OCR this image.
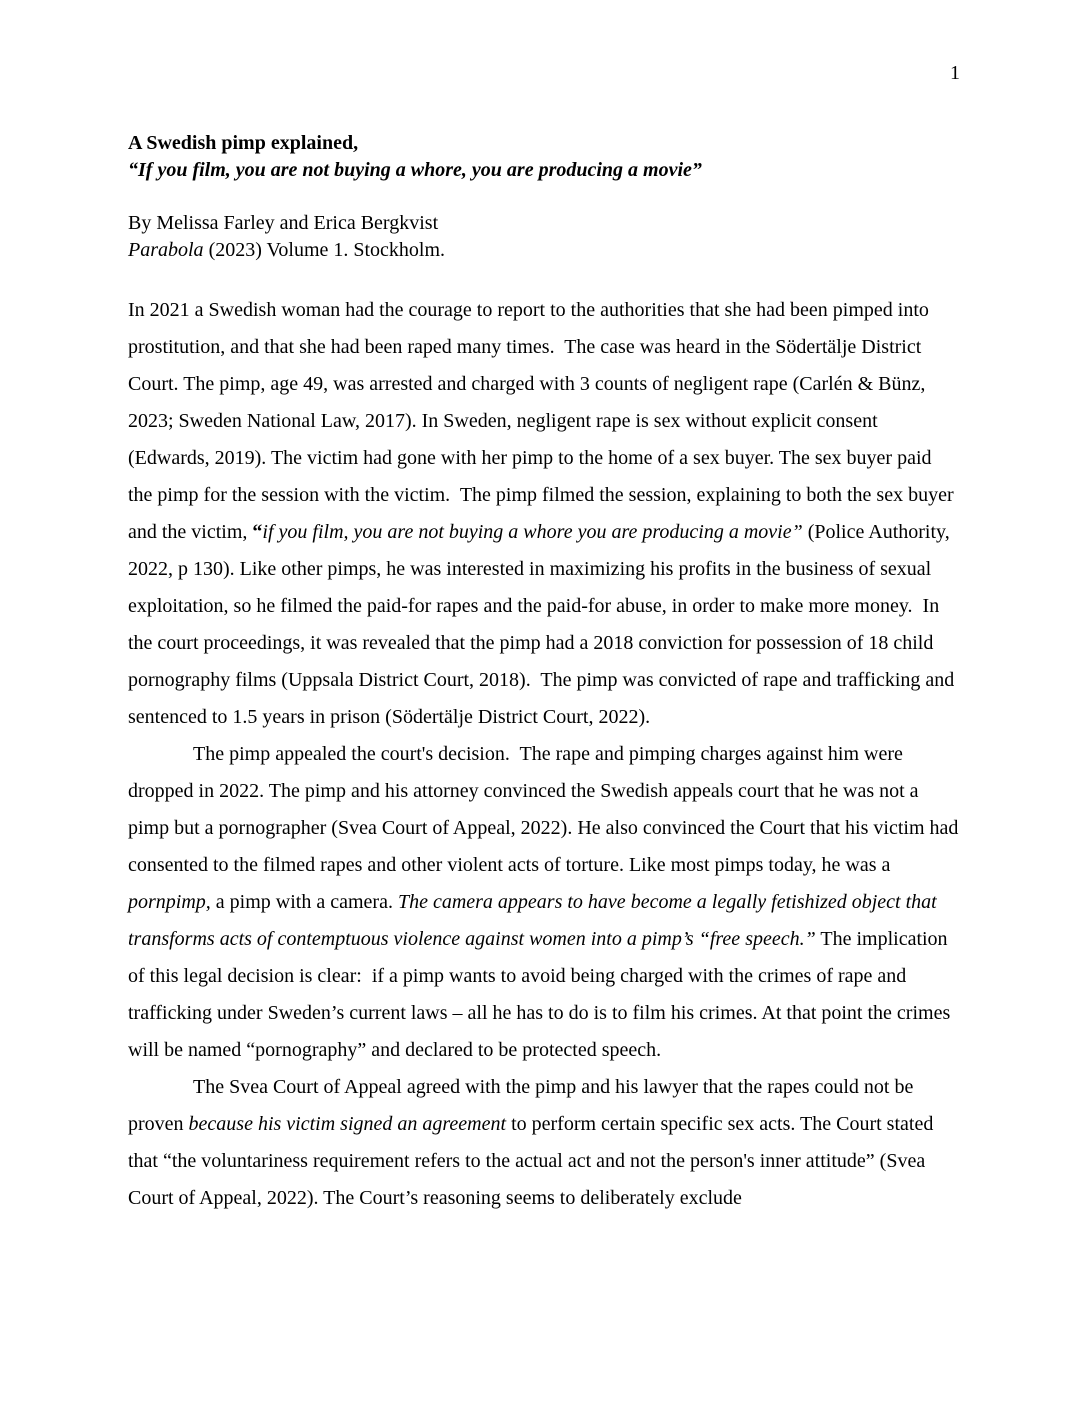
1
A Swedish pimp explained,
“If you film, you are not buying a whore, you are producing a movie”
By Melissa Farley and Erica Bergkvist
Parabola (2023) Volume 1. Stockholm.

In 2021 a Swedish woman had the courage to report to the authorities that she had been pimped into prostitution, and that she had been raped many times.  The case was heard in the Södertälje District Court. The pimp, age 49, was arrested and charged with 3 counts of negligent rape (Carlén & Bünz, 2023; Sweden National Law, 2017). In Sweden, negligent rape is sex without explicit consent (Edwards, 2019). The victim had gone with her pimp to the home of a sex buyer. The sex buyer paid the pimp for the session with the victim.  The pimp filmed the session, explaining to both the sex buyer and the victim, “if you film, you are not buying a whore you are producing a movie” (Police Authority, 2022, p 130). Like other pimps, he was interested in maximizing his profits in the business of sexual exploitation, so he filmed the paid-for rapes and the paid-for abuse, in order to make more money.  In the court proceedings, it was revealed that the pimp had a 2018 conviction for possession of 18 child pornography films (Uppsala District Court, 2018).  The pimp was convicted of rape and trafficking and sentenced to 1.5 years in prison (Södertälje District Court, 2022).

The pimp appealed the court's decision.  The rape and pimping charges against him were dropped in 2022. The pimp and his attorney convinced the Swedish appeals court that he was not a pimp but a pornographer (Svea Court of Appeal, 2022). He also convinced the Court that his victim had consented to the filmed rapes and other violent acts of torture. Like most pimps today, he was a pornpimp, a pimp with a camera. The camera appears to have become a legally fetishized object that transforms acts of contemptuous violence against women into a pimp’s “free speech.” The implication of this legal decision is clear:  if a pimp wants to avoid being charged with the crimes of rape and trafficking under Sweden’s current laws – all he has to do is to film his crimes. At that point the crimes will be named “pornography” and declared to be protected speech.

The Svea Court of Appeal agreed with the pimp and his lawyer that the rapes could not be proven because his victim signed an agreement to perform certain specific sex acts. The Court stated that “the voluntariness requirement refers to the actual act and not the person's inner attitude” (Svea Court of Appeal, 2022). The Court’s reasoning seems to deliberately exclude
